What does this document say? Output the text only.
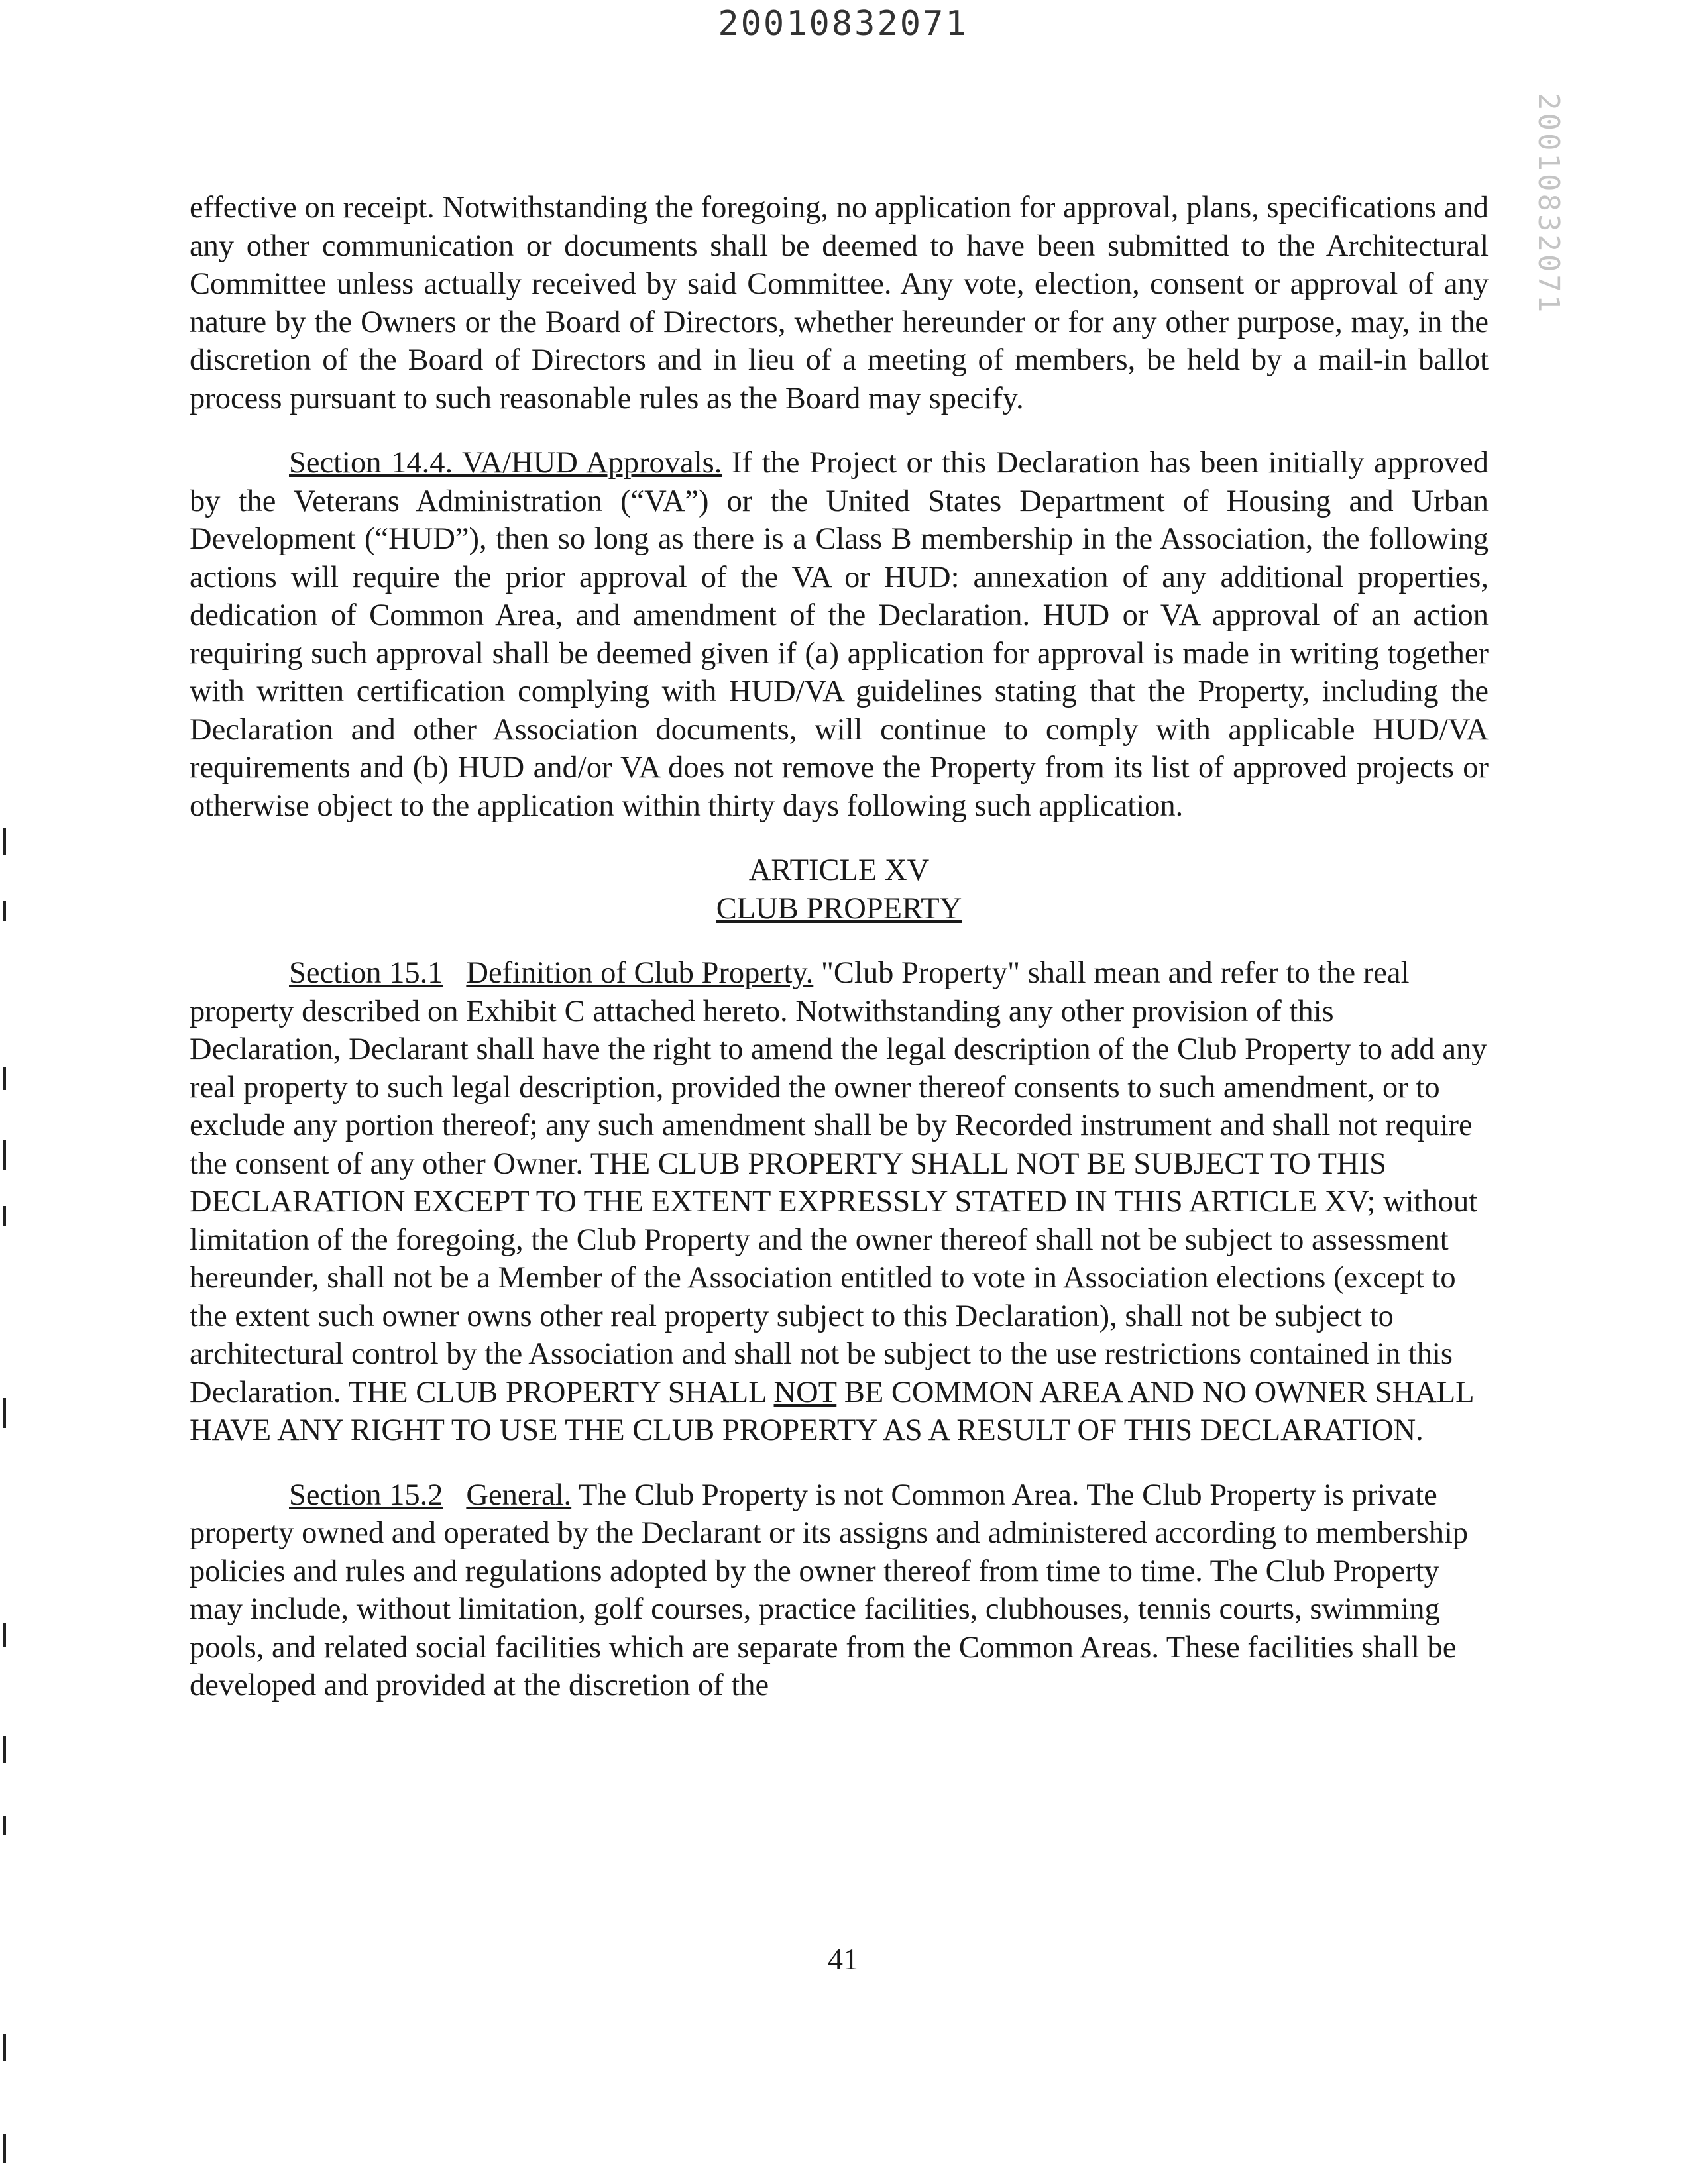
20010832071
20010832071

effective on receipt. Notwithstanding the foregoing, no application for approval, plans, specifications and any other communication or documents shall be deemed to have been submitted to the Architectural Committee unless actually received by said Committee. Any vote, election, consent or approval of any nature by the Owners or the Board of Directors, whether hereunder or for any other purpose, may, in the discretion of the Board of Directors and in lieu of a meeting of members, be held by a mail-in ballot process pursuant to such reasonable rules as the Board may specify.

Section 14.4. VA/HUD Approvals. If the Project or this Declaration has been initially approved by the Veterans Administration (“VA”) or the United States Department of Housing and Urban Development (“HUD”), then so long as there is a Class B membership in the Association, the following actions will require the prior approval of the VA or HUD: annexation of any additional properties, dedication of Common Area, and amendment of the Declaration. HUD or VA approval of an action requiring such approval shall be deemed given if (a) application for approval is made in writing together with written certification complying with HUD/VA guidelines stating that the Property, including the Declaration and other Association documents, will continue to comply with applicable HUD/VA requirements and (b) HUD and/or VA does not remove the Property from its list of approved projects or otherwise object to the application within thirty days following such application.

ARTICLE XV

CLUB PROPERTY

Section 15.1 Definition of Club Property. "Club Property" shall mean and refer to the real property described on Exhibit C attached hereto. Notwithstanding any other provision of this Declaration, Declarant shall have the right to amend the legal description of the Club Property to add any real property to such legal description, provided the owner thereof consents to such amendment, or to exclude any portion thereof; any such amendment shall be by Recorded instrument and shall not require the consent of any other Owner. THE CLUB PROPERTY SHALL NOT BE SUBJECT TO THIS DECLARATION EXCEPT TO THE EXTENT EXPRESSLY STATED IN THIS ARTICLE XV; without limitation of the foregoing, the Club Property and the owner thereof shall not be subject to assessment hereunder, shall not be a Member of the Association entitled to vote in Association elections (except to the extent such owner owns other real property subject to this Declaration), shall not be subject to architectural control by the Association and shall not be subject to the use restrictions contained in this Declaration. THE CLUB PROPERTY SHALL NOT BE COMMON AREA AND NO OWNER SHALL HAVE ANY RIGHT TO USE THE CLUB PROPERTY AS A RESULT OF THIS DECLARATION.

Section 15.2 General. The Club Property is not Common Area. The Club Property is private property owned and operated by the Declarant or its assigns and administered according to membership policies and rules and regulations adopted by the owner thereof from time to time. The Club Property may include, without limitation, golf courses, practice facilities, clubhouses, tennis courts, swimming pools, and related social facilities which are separate from the Common Areas. These facilities shall be developed and provided at the discretion of the

41
